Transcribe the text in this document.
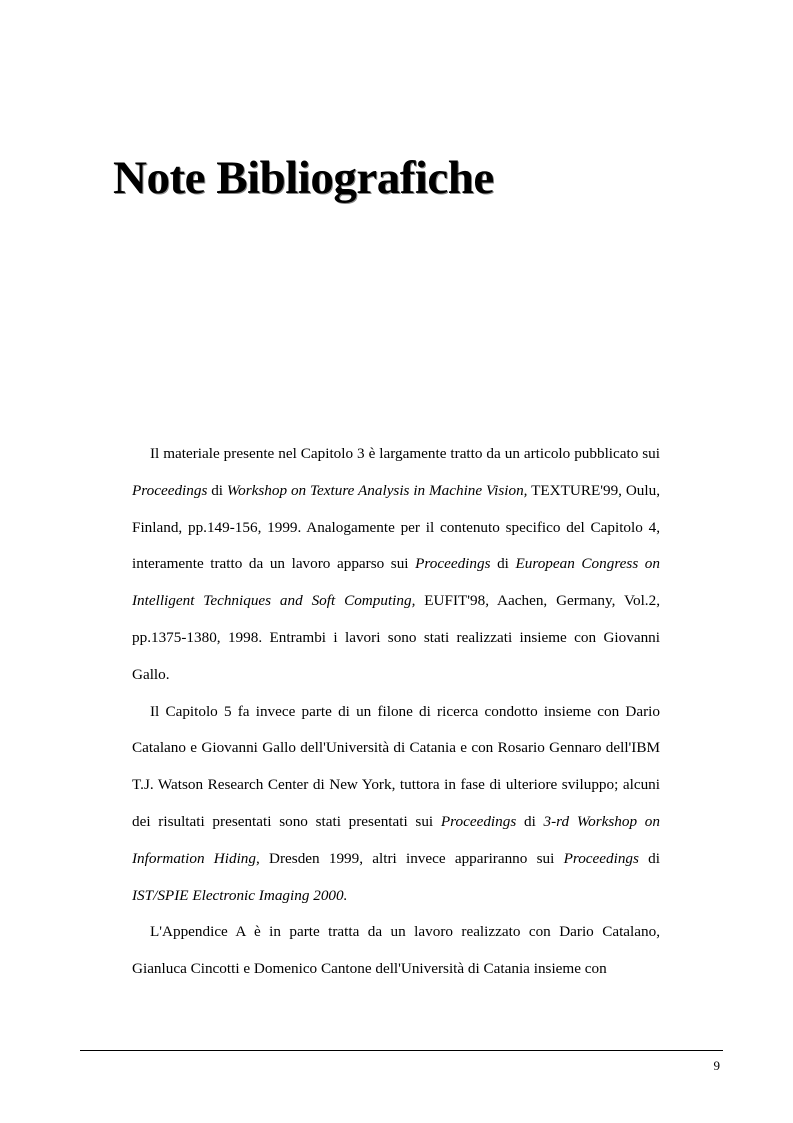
Note Bibliografiche

Il materiale presente nel Capitolo 3 è largamente tratto da un articolo pubblicato sui Proceedings di Workshop on Texture Analysis in Machine Vision, TEXTURE'99, Oulu, Finland, pp.149-156, 1999. Analogamente per il contenuto specifico del Capitolo 4, interamente tratto da un lavoro apparso sui Proceedings di European Congress on Intelligent Techniques and Soft Computing, EUFIT'98, Aachen, Germany, Vol.2, pp.1375-1380, 1998. Entrambi i lavori sono stati realizzati insieme con Giovanni Gallo.

Il Capitolo 5 fa invece parte di un filone di ricerca condotto insieme con Dario Catalano e Giovanni Gallo dell'Università di Catania e con Rosario Gennaro dell'IBM T.J. Watson Research Center di New York, tuttora in fase di ulteriore sviluppo; alcuni dei risultati presentati sono stati presentati sui Proceedings di 3-rd Workshop on Information Hiding, Dresden 1999, altri invece appariranno sui Proceedings di IST/SPIE Electronic Imaging 2000.

L'Appendice A è in parte tratta da un lavoro realizzato con Dario Catalano, Gianluca Cincotti e Domenico Cantone dell'Università di Catania insieme con

9
